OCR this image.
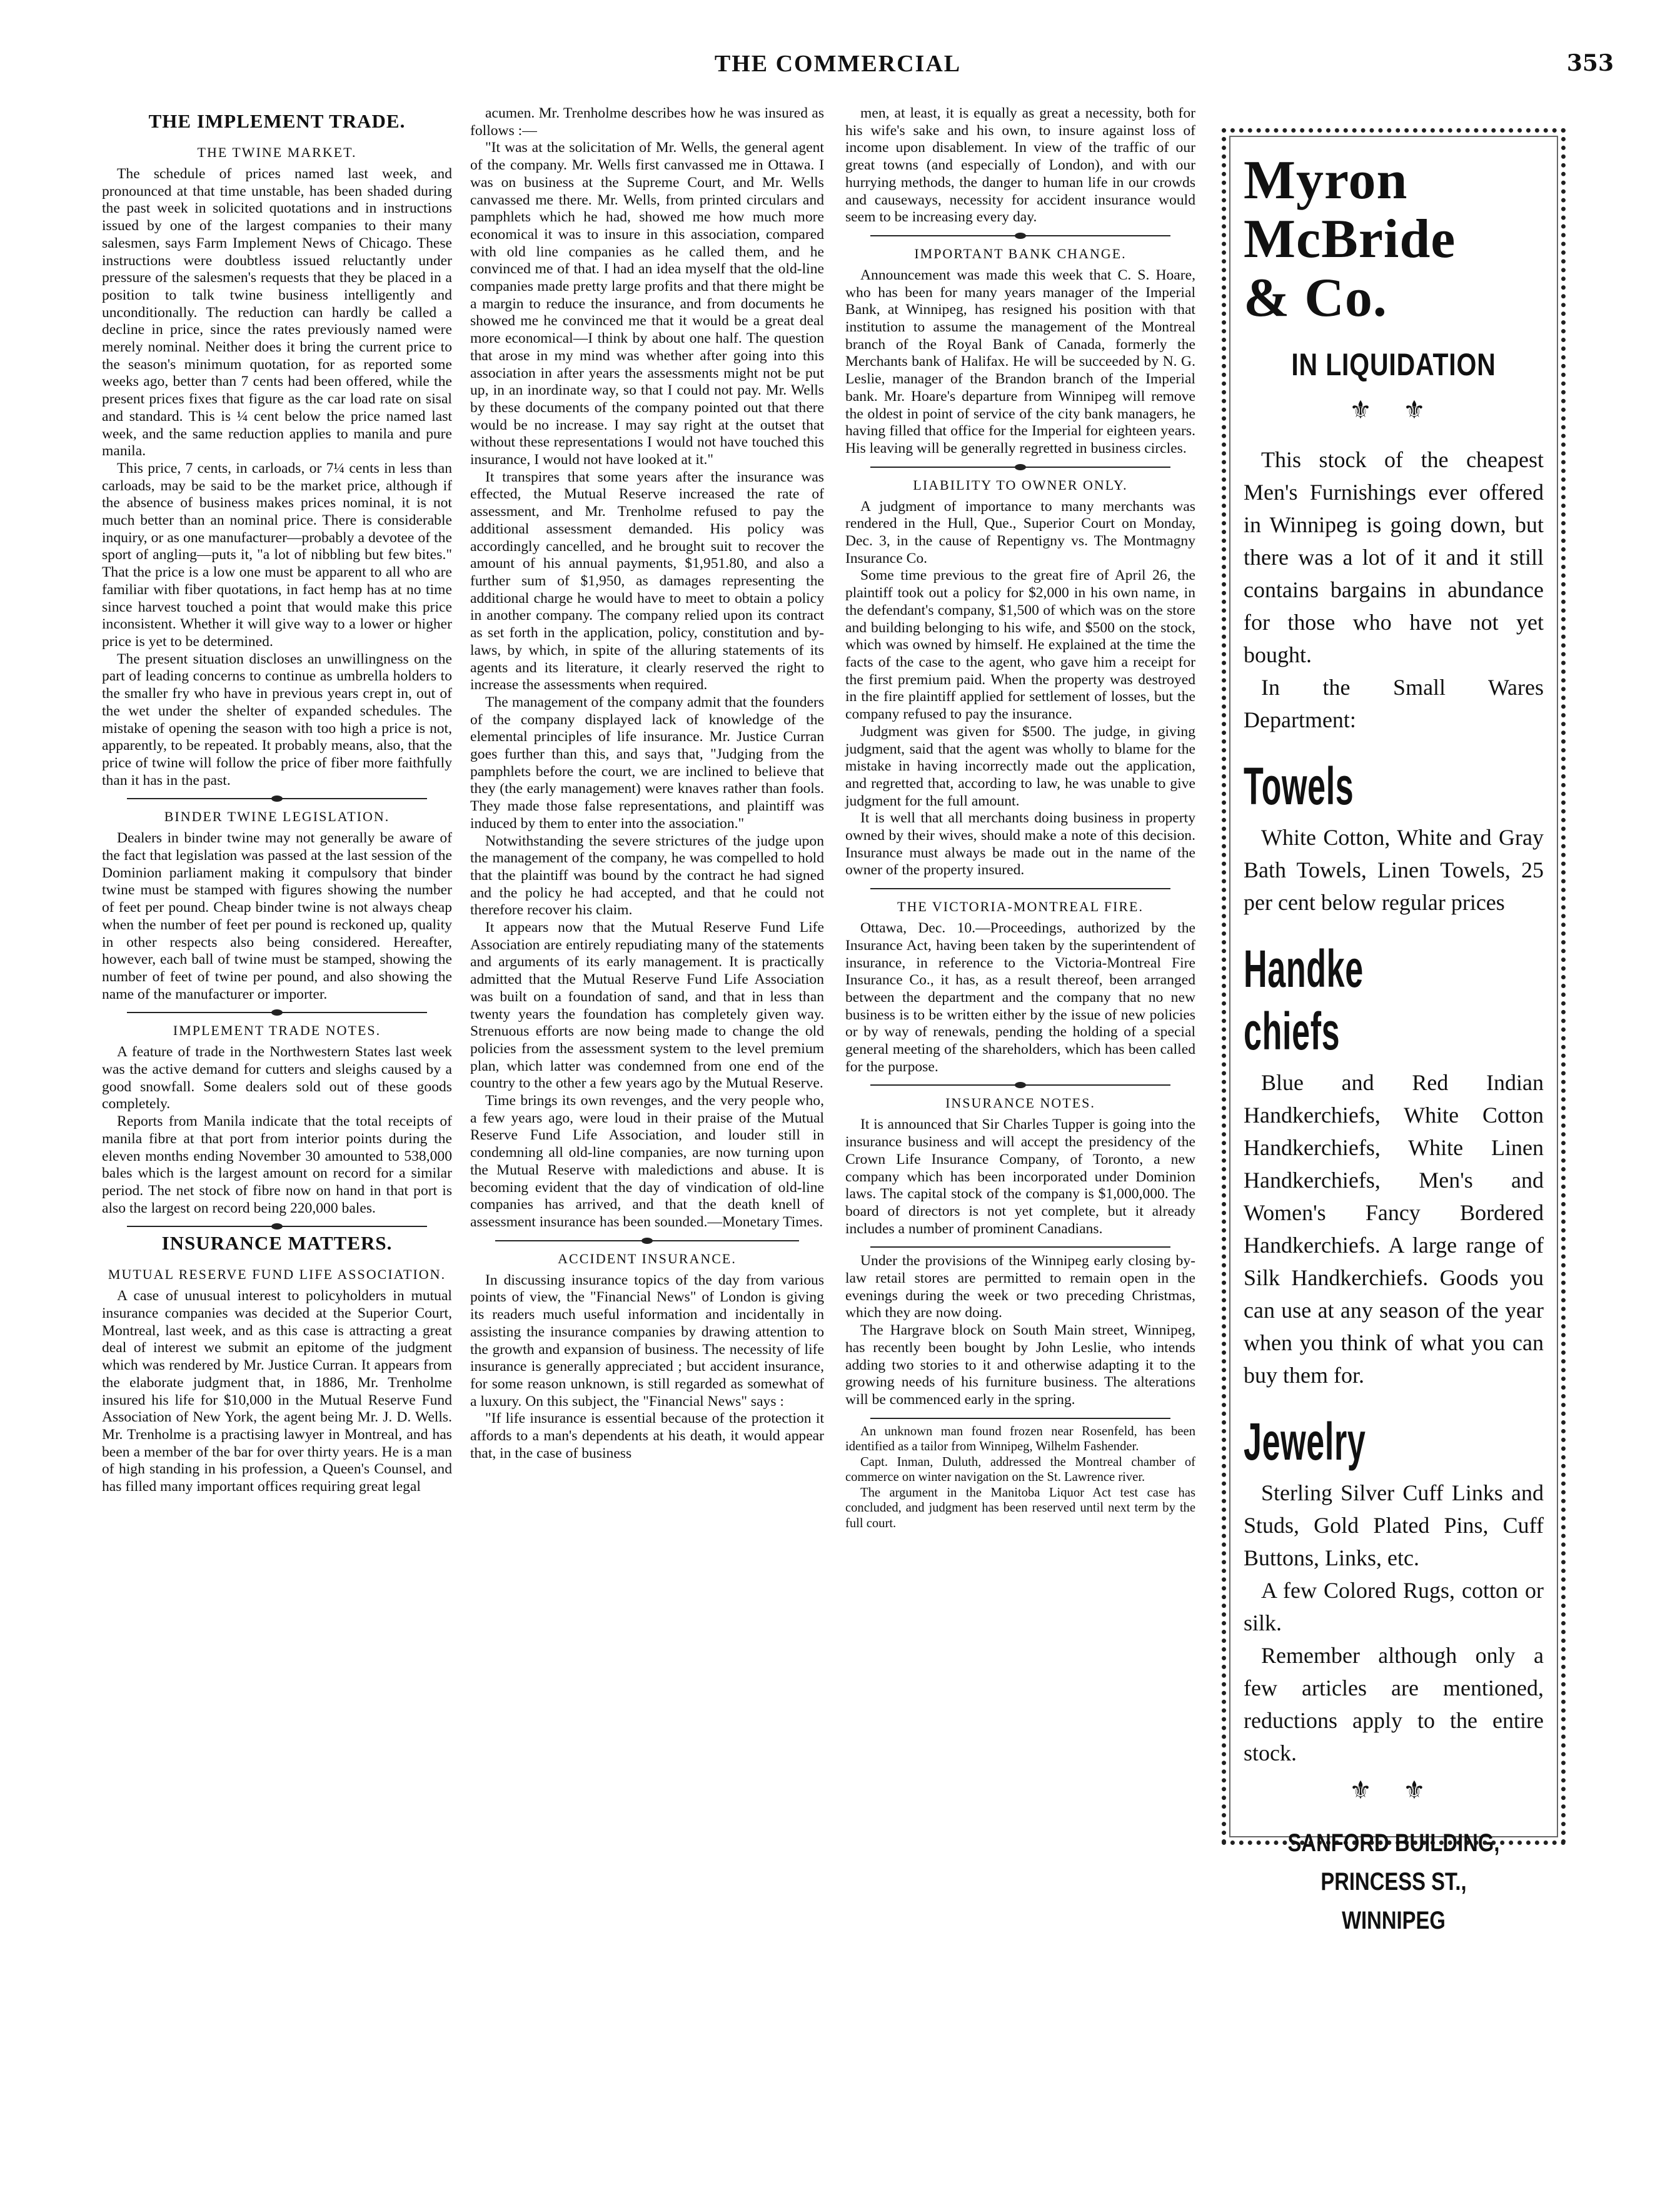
THE COMMERCIAL	353
THE IMPLEMENT TRADE.
THE TWINE MARKET.

The schedule of prices named last week, and pronounced at that time unstable, has been shaded during the past week in solicited quotations and in instructions issued by one of the largest companies to their many salesmen, says Farm Implement News of Chicago. These instructions were doubtless issued reluctantly under pressure of the salesmen's requests that they be placed in a position to talk twine business intelligently and unconditionally. The reduction can hardly be called a decline in price, since the rates previously named were merely nominal. Neither does it bring the current price to the season's minimum quotation, for as reported some weeks ago, better than 7 cents had been offered, while the present prices fixes that figure as the car load rate on sisal and standard. This is ¼ cent below the price named last week, and the same reduction applies to manila and pure manila.

This price, 7 cents, in carloads, or 7¼ cents in less than carloads, may be said to be the market price, although if the absence of business makes prices nominal, it is not much better than an nominal price. There is considerable inquiry, or as one manufacturer—probably a devotee of the sport of angling—puts it, "a lot of nibbling but few bites." That the price is a low one must be apparent to all who are familiar with fiber quotations, in fact hemp has at no time since harvest touched a point that would make this price inconsistent. Whether it will give way to a lower or higher price is yet to be determined.

The present situation discloses an unwillingness on the part of leading concerns to continue as umbrella holders to the smaller fry who have in previous years crept in, out of the wet under the shelter of expanded schedules. The mistake of opening the season with too high a price is not, apparently, to be repeated. It probably means, also, that the price of twine will follow the price of fiber more faithfully than it has in the past.

BINDER TWINE LEGISLATION.

Dealers in binder twine may not generally be aware of the fact that legislation was passed at the last session of the Dominion parliament making it compulsory that binder twine must be stamped with figures showing the number of feet per pound. Cheap binder twine is not always cheap when the number of feet per pound is reckoned up, quality in other respects also being considered. Hereafter, however, each ball of twine must be stamped, showing the number of feet of twine per pound, and also showing the name of the manufacturer or importer.

IMPLEMENT TRADE NOTES.

A feature of trade in the Northwestern States last week was the active demand for cutters and sleighs caused by a good snowfall. Some dealers sold out of these goods completely.

Reports from Manila indicate that the total receipts of manila fibre at that port from interior points during the eleven months ending November 30 amounted to 538,000 bales which is the largest amount on record for a similar period. The net stock of fibre now on hand in that port is also the largest on record being 220,000 bales.

INSURANCE MATTERS.
MUTUAL RESERVE FUND LIFE ASSOCIATION.

A case of unusual interest to policyholders in mutual insurance companies was decided at the Superior Court, Montreal, last week, and as this case is attracting a great deal of interest we submit an epitome of the judgment which was rendered by Mr. Justice Curran. It appears from the elaborate judgment that, in 1886, Mr. Trenholme insured his life for $10,000 in the Mutual Reserve Fund Association of New York, the agent being Mr. J. D. Wells. Mr. Trenholme is a practising lawyer in Montreal, and has been a member of the bar for over thirty years. He is a man of high standing in his profession, a Queen's Counsel, and has filled many important offices requiring great legal

acumen. Mr. Trenholme describes how he was insured as follows :—

"It was at the solicitation of Mr. Wells, the general agent of the company. Mr. Wells first canvassed me in Ottawa. I was on business at the Supreme Court, and Mr. Wells canvassed me there. Mr. Wells, from printed circulars and pamphlets which he had, showed me how much more economical it was to insure in this association, compared with old line companies as he called them, and he convinced me of that. I had an idea myself that the old-line companies made pretty large profits and that there might be a margin to reduce the insurance, and from documents he showed me he convinced me that it would be a great deal more economical—I think by about one half. The question that arose in my mind was whether after going into this association in after years the assessments might not be put up, in an inordinate way, so that I could not pay. Mr. Wells by these documents of the company pointed out that there would be no increase. I may say right at the outset that without these representations I would not have touched this insurance, I would not have looked at it."

It transpires that some years after the insurance was effected, the Mutual Reserve increased the rate of assessment, and Mr. Trenholme refused to pay the additional assessment demanded. His policy was accordingly cancelled, and he brought suit to recover the amount of his annual payments, $1,951.80, and also a further sum of $1,950, as damages representing the additional charge he would have to meet to obtain a policy in another company. The company relied upon its contract as set forth in the application, policy, constitution and by-laws, by which, in spite of the alluring statements of its agents and its literature, it clearly reserved the right to increase the assessments when required.

The management of the company admit that the founders of the company displayed lack of knowledge of the elemental principles of life insurance. Mr. Justice Curran goes further than this, and says that, "Judging from the pamphlets before the court, we are inclined to believe that they (the early management) were knaves rather than fools. They made those false representations, and plaintiff was induced by them to enter into the association."

Notwithstanding the severe strictures of the judge upon the management of the company, he was compelled to hold that the plaintiff was bound by the contract he had signed and the policy he had accepted, and that he could not therefore recover his claim.

It appears now that the Mutual Reserve Fund Life Association are entirely repudiating many of the statements and arguments of its early management. It is practically admitted that the Mutual Reserve Fund Life Association was built on a foundation of sand, and that in less than twenty years the foundation has completely given way. Strenuous efforts are now being made to change the old policies from the assessment system to the level premium plan, which latter was condemned from one end of the country to the other a few years ago by the Mutual Reserve.

Time brings its own revenges, and the very people who, a few years ago, were loud in their praise of the Mutual Reserve Fund Life Association, and louder still in condemning all old-line companies, are now turning upon the Mutual Reserve with maledictions and abuse. It is becoming evident that the day of vindication of old-line companies has arrived, and that the death knell of assessment insurance has been sounded.—Monetary Times.

ACCIDENT INSURANCE.

In discussing insurance topics of the day from various points of view, the "Financial News" of London is giving its readers much useful information and incidentally in assisting the insurance companies by drawing attention to the growth and expansion of business. The necessity of life insurance is generally appreciated ; but accident insurance, for some reason unknown, is still regarded as somewhat of a luxury. On this subject, the "Financial News" says :

"If life insurance is essential because of the protection it affords to a man's dependents at his death, it would appear that, in the case of business

men, at least, it is equally as great a necessity, both for his wife's sake and his own, to insure against loss of income upon disablement. In view of the traffic of our great towns (and especially of London), and with our hurrying methods, the danger to human life in our crowds and causeways, necessity for accident insurance would seem to be increasing every day.

IMPORTANT BANK CHANGE.

Announcement was made this week that C. S. Hoare, who has been for many years manager of the Imperial Bank, at Winnipeg, has resigned his position with that institution to assume the management of the Montreal branch of the Royal Bank of Canada, formerly the Merchants bank of Halifax. He will be succeeded by N. G. Leslie, manager of the Brandon branch of the Imperial bank. Mr. Hoare's departure from Winnipeg will remove the oldest in point of service of the city bank managers, he having filled that office for the Imperial for eighteen years. His leaving will be generally regretted in business circles.

LIABILITY TO OWNER ONLY.

A judgment of importance to many merchants was rendered in the Hull, Que., Superior Court on Monday, Dec. 3, in the cause of Repentigny vs. The Montmagny Insurance Co.

Some time previous to the great fire of April 26, the plaintiff took out a policy for $2,000 in his own name, in the defendant's company, $1,500 of which was on the store and building belonging to his wife, and $500 on the stock, which was owned by himself. He explained at the time the facts of the case to the agent, who gave him a receipt for the first premium paid. When the property was destroyed in the fire plaintiff applied for settlement of losses, but the company refused to pay the insurance.

Judgment was given for $500. The judge, in giving judgment, said that the agent was wholly to blame for the mistake in having incorrectly made out the application, and regretted that, according to law, he was unable to give judgment for the full amount.

It is well that all merchants doing business in property owned by their wives, should make a note of this decision. Insurance must always be made out in the name of the owner of the property insured.

THE VICTORIA-MONTREAL FIRE.

Ottawa, Dec. 10.—Proceedings, authorized by the Insurance Act, having been taken by the superintendent of insurance, in reference to the Victoria-Montreal Fire Insurance Co., it has, as a result thereof, been arranged between the department and the company that no new business is to be written either by the issue of new policies or by way of renewals, pending the holding of a special general meeting of the shareholders, which has been called for the purpose.

INSURANCE NOTES.

It is announced that Sir Charles Tupper is going into the insurance business and will accept the presidency of the Crown Life Insurance Company, of Toronto, a new company which has been incorporated under Dominion laws. The capital stock of the company is $1,000,000. The board of directors is not yet complete, but it already includes a number of prominent Canadians.

Under the provisions of the Winnipeg early closing by-law retail stores are permitted to remain open in the evenings during the week or two preceding Christmas, which they are now doing.

The Hargrave block on South Main street, Winnipeg, has recently been bought by John Leslie, who intends adding two stories to it and otherwise adapting it to the growing needs of his furniture business. The alterations will be commenced early in the spring.

An unknown man found frozen near Rosenfeld, has been identified as a tailor from Winnipeg, Wilhelm Fashender.

Capt. Inman, Duluth, addressed the Montreal chamber of commerce on winter navigation on the St. Lawrence river.

The argument in the Manitoba Liquor Act test case has concluded, and judgment has been reserved until next term by the full court.

Myron
McBride
& Co.

IN LIQUIDATION
⚜ ⚜

This stock of the cheapest Men's Furnishings ever offered in Winnipeg is going down, but there was a lot of it and it still contains bargains in abundance for those who have not yet bought.

In the Small Wares Department:

Towels

White Cotton, White and Gray Bath Towels, Linen Towels, 25 per cent below regular prices

Handke chiefs

Blue and Red Indian Handkerchiefs, White Cotton Handkerchiefs, White Linen Handkerchiefs, Men's and Women's Fancy Bordered Handkerchiefs. A large range of Silk Handkerchiefs. Goods you can use at any season of the year when you think of what you can buy them for.

Jewelry

Sterling Silver Cuff Links and Studs, Gold Plated Pins, Cuff Buttons, Links, etc.

A few Colored Rugs, cotton or silk.

Remember although only a few articles are mentioned, reductions apply to the entire stock.

⚜ ⚜

SANFORD BUILDING,

PRINCESS ST., WINNIPEG
